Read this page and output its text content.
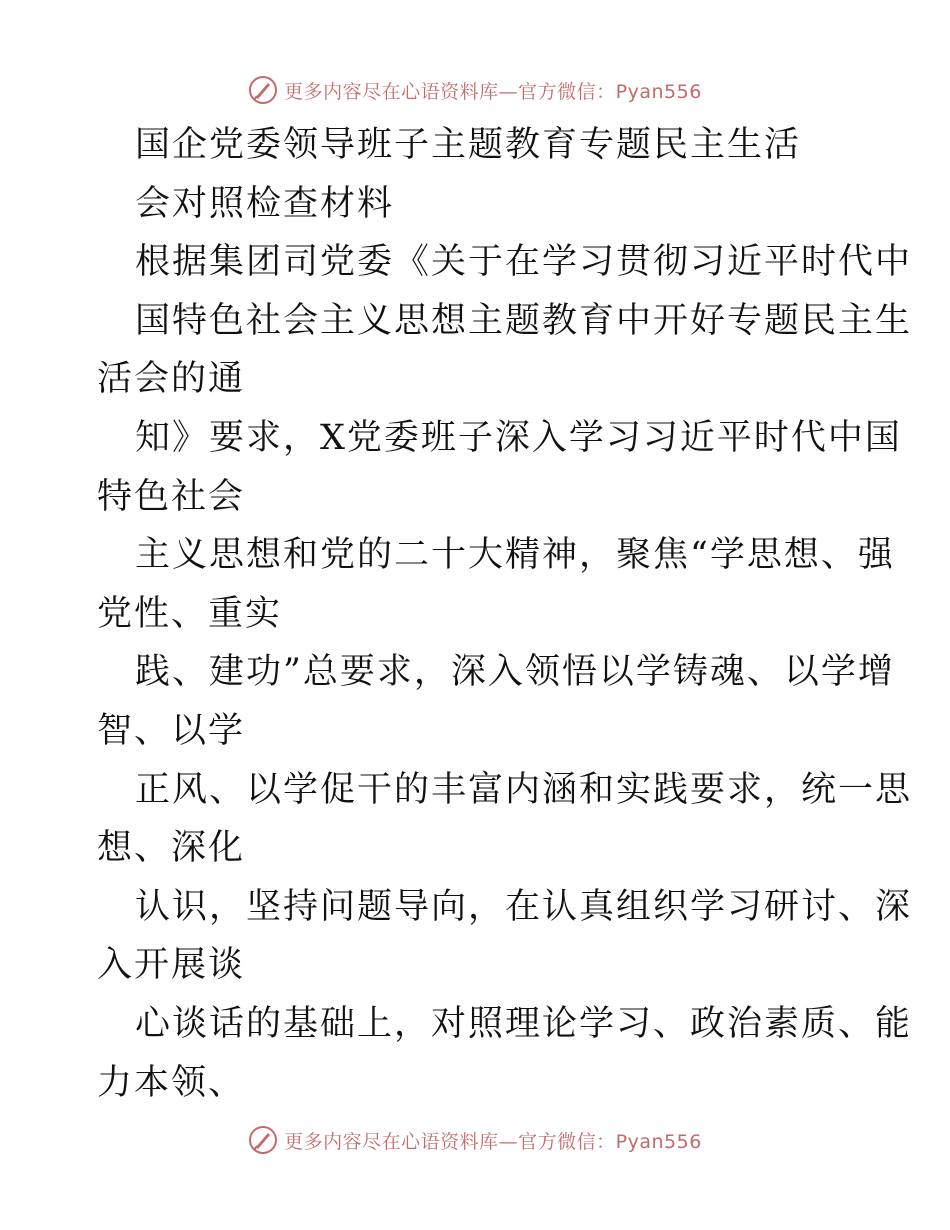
更多内容尽在心语资料库—官方微信：Pyan556
国企党委领导班子主题教育专题民主生活
会对照检查材料
根据集团司党委《关于在学习贯彻习近平时代中
国特色社会主义思想主题教育中开好专题民主生
活会的通
知》要求，X党委班子深入学习习近平时代中国
特色社会
主义思想和党的二十大精神，聚焦“学思想、强
党性、重实
践、建功”总要求，深入领悟以学铸魂、以学增
智、以学
正风、以学促干的丰富内涵和实践要求，统一思
想、深化
认识，坚持问题导向，在认真组织学习研讨、深
入开展谈
心谈话的基础上，对照理论学习、政治素质、能
力本领、
更多内容尽在心语资料库—官方微信：Pyan556
